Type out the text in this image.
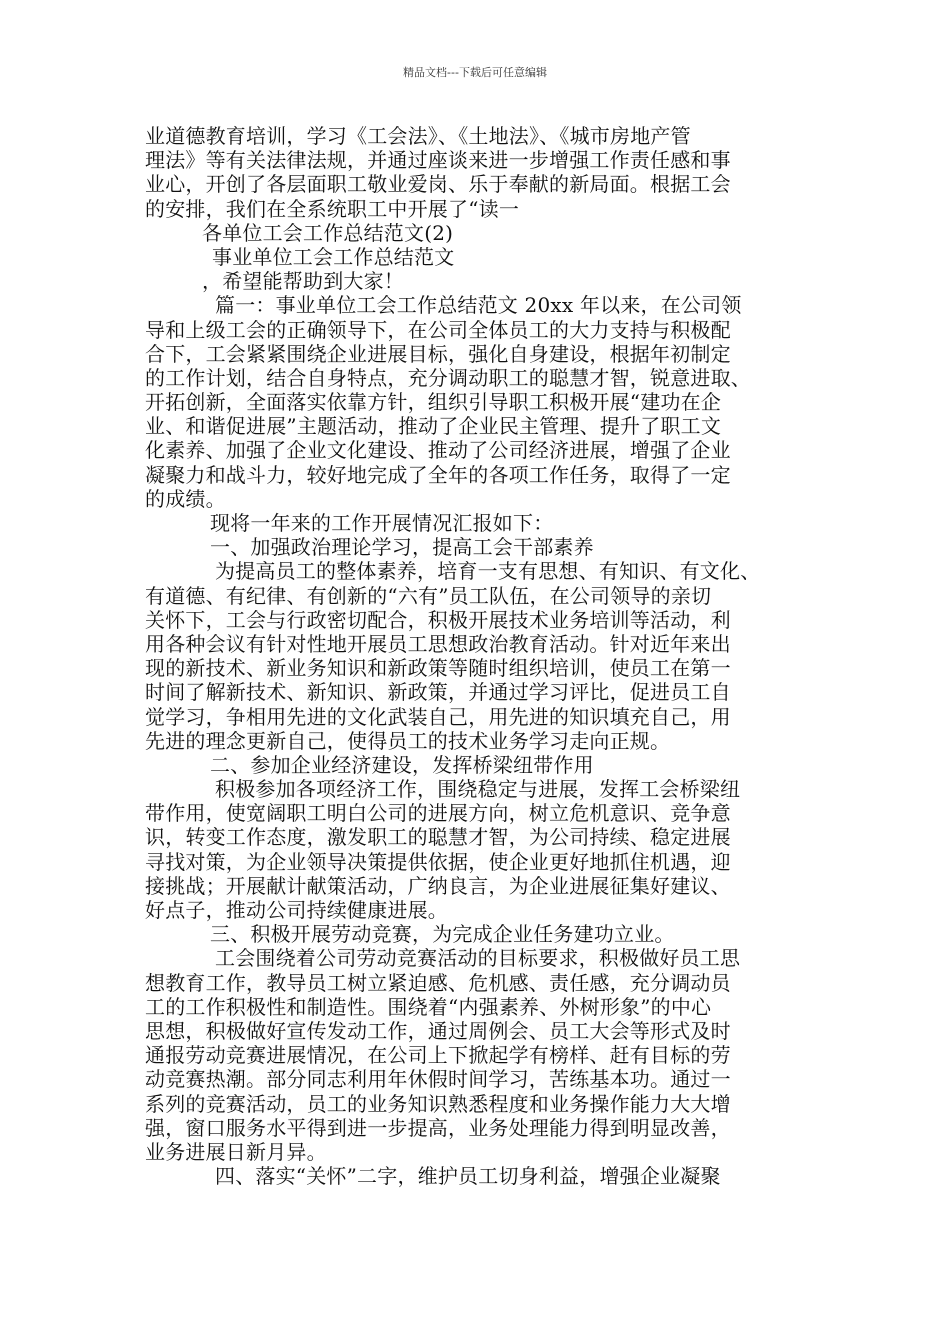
精品文档---下载后可任意编辑
业道德教育培训，学习《工会法》、《土地法》、《城市房地产管
理法》等有关法律法规，并通过座谈来进一步增强工作责任感和事
业心，开创了各层面职工敬业爱岗、乐于奉献的新局面。根据工会
的安排，我们在全系统职工中开展了“读一
各单位工会工作总结范文(2)
事业单位工会工作总结范文
，希望能帮助到大家！
篇一：事业单位工会工作总结范文 20xx 年以来，在公司领
导和上级工会的正确领导下，在公司全体员工的大力支持与积极配
合下，工会紧紧围绕企业进展目标，强化自身建设，根据年初制定
的工作计划，结合自身特点，充分调动职工的聪慧才智，锐意进取、
开拓创新，全面落实依靠方针，组织引导职工积极开展“建功在企
业、和谐促进展”主题活动，推动了企业民主管理、提升了职工文
化素养、加强了企业文化建设、推动了公司经济进展，增强了企业
凝聚力和战斗力，较好地完成了全年的各项工作任务，取得了一定
的成绩。
现将一年来的工作开展情况汇报如下：
一、加强政治理论学习，提高工会干部素养
为提高员工的整体素养，培育一支有思想、有知识、有文化、
有道德、有纪律、有创新的“六有”员工队伍，在公司领导的亲切
关怀下，工会与行政密切配合，积极开展技术业务培训等活动，利
用各种会议有针对性地开展员工思想政治教育活动。针对近年来出
现的新技术、新业务知识和新政策等随时组织培训，使员工在第一
时间了解新技术、新知识、新政策，并通过学习评比，促进员工自
觉学习，争相用先进的文化武装自己，用先进的知识填充自己，用
先进的理念更新自己，使得员工的技术业务学习走向正规。
二、参加企业经济建设，发挥桥梁纽带作用
积极参加各项经济工作，围绕稳定与进展，发挥工会桥梁纽
带作用，使宽阔职工明白公司的进展方向，树立危机意识、竞争意
识，转变工作态度，激发职工的聪慧才智，为公司持续、稳定进展
寻找对策，为企业领导决策提供依据，使企业更好地抓住机遇，迎
接挑战；开展献计献策活动，广纳良言，为企业进展征集好建议、
好点子，推动公司持续健康进展。
三、积极开展劳动竞赛，为完成企业任务建功立业。
工会围绕着公司劳动竞赛活动的目标要求，积极做好员工思
想教育工作，教导员工树立紧迫感、危机感、责任感，充分调动员
工的工作积极性和制造性。围绕着“内强素养、外树形象”的中心
思想，积极做好宣传发动工作，通过周例会、员工大会等形式及时
通报劳动竞赛进展情况，在公司上下掀起学有榜样、赶有目标的劳
动竞赛热潮。部分同志利用年休假时间学习，苦练基本功。通过一
系列的竞赛活动，员工的业务知识熟悉程度和业务操作能力大大增
强，窗口服务水平得到进一步提高，业务处理能力得到明显改善，
业务进展日新月异。
四、落实“关怀”二字，维护员工切身利益，增强企业凝聚
